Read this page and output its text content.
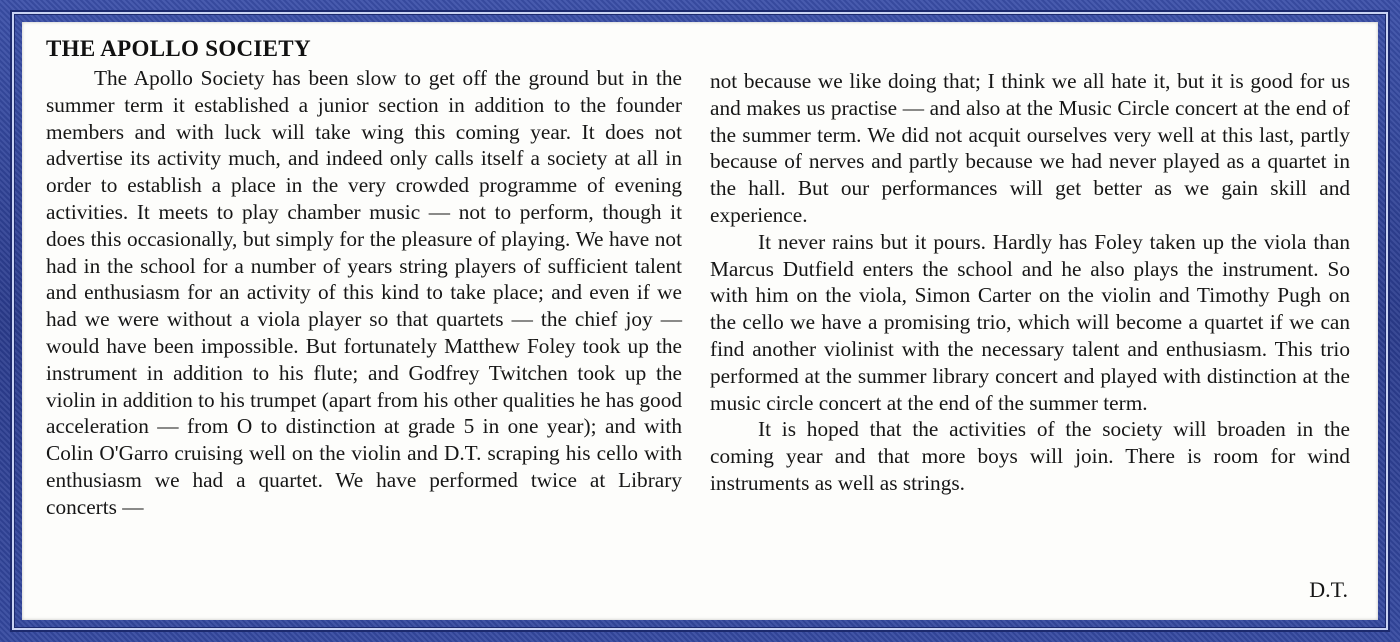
THE APOLLO SOCIETY

The Apollo Society has been slow to get off the ground but in the summer term it established a junior section in addition to the founder members and with luck will take wing this coming year. It does not advertise its activity much, and indeed only calls itself a society at all in order to establish a place in the very crowded programme of evening activities. It meets to play chamber music — not to perform, though it does this occasionally, but simply for the pleasure of playing. We have not had in the school for a number of years string players of sufficient talent and enthusiasm for an activity of this kind to take place; and even if we had we were without a viola player so that quartets — the chief joy — would have been impossible. But fortunately Matthew Foley took up the instrument in addition to his flute; and Godfrey Twitchen took up the violin in addition to his trumpet (apart from his other qualities he has good acceleration — from O to distinction at grade 5 in one year); and with Colin O'Garro cruising well on the violin and D.T. scraping his cello with enthusiasm we had a quartet. We have performed twice at Library concerts —

not because we like doing that; I think we all hate it, but it is good for us and makes us practise — and also at the Music Circle concert at the end of the summer term. We did not acquit ourselves very well at this last, partly because of nerves and partly because we had never played as a quartet in the hall. But our performances will get better as we gain skill and experience.

It never rains but it pours. Hardly has Foley taken up the viola than Marcus Dutfield enters the school and he also plays the instrument. So with him on the viola, Simon Carter on the violin and Timothy Pugh on the cello we have a promising trio, which will become a quartet if we can find another violinist with the necessary talent and enthusiasm. This trio performed at the summer library concert and played with distinction at the music circle concert at the end of the summer term.

It is hoped that the activities of the society will broaden in the coming year and that more boys will join. There is room for wind instruments as well as strings.

D.T.
